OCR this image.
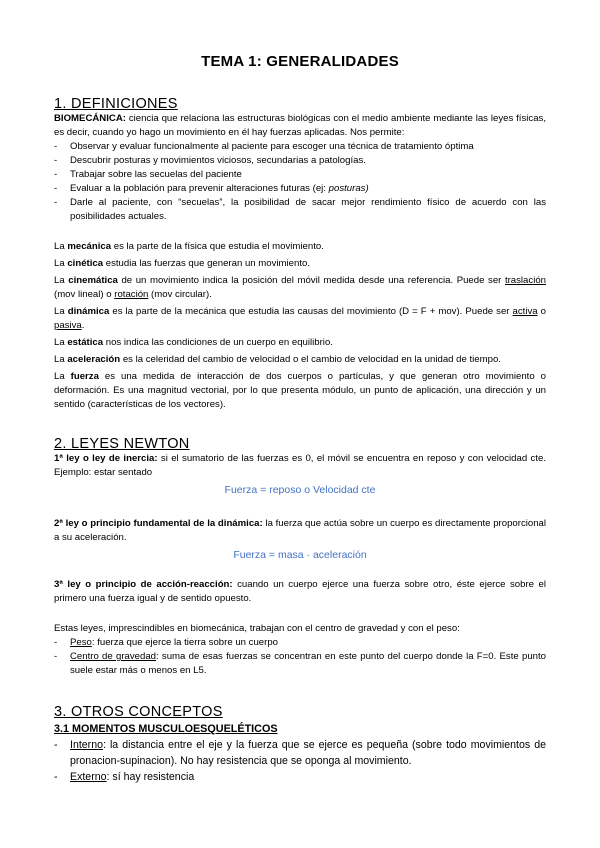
TEMA 1: GENERALIDADES
1. DEFINICIONES

BIOMECÁNICA: ciencia que relaciona las estructuras biológicas con el medio ambiente mediante las leyes físicas, es decir, cuando yo hago un movimiento en él hay fuerzas aplicadas. Nos permite:

- Observar y evaluar funcionalmente al paciente para escoger una técnica de tratamiento óptima
- Descubrir posturas y movimientos viciosos, secundarias a patologías.
- Trabajar sobre las secuelas del paciente
- Evaluar a la población para prevenir alteraciones futuras (ej: posturas)
- Darle al paciente, con “secuelas”, la posibilidad de sacar mejor rendimiento físico de acuerdo con las posibilidades actuales.

La mecánica es la parte de la física que estudia el movimiento.

La cinética estudia las fuerzas que generan un movimiento.

La cinemática de un movimiento indica la posición del móvil medida desde una referencia. Puede ser traslación (mov lineal) o rotación (mov circular).

La dinámica es la parte de la mecánica que estudia las causas del movimiento (D = F + mov). Puede ser activa o pasiva.

La estática nos indica las condiciones de un cuerpo en equilibrio.

La aceleración es la celeridad del cambio de velocidad o el cambio de velocidad en la unidad de tiempo.

La fuerza es una medida de interacción de dos cuerpos o partículas, y que generan otro movimiento o deformación. Es una magnitud vectorial, por lo que presenta módulo, un punto de aplicación, una dirección y un sentido (características de los vectores).

2. LEYES NEWTON

1ª ley o ley de inercia: si el sumatorio de las fuerzas es 0, el móvil se encuentra en reposo y con velocidad cte. Ejemplo: estar sentado

Fuerza = reposo o Velocidad cte

2ª ley o principio fundamental de la dinámica: la fuerza que actúa sobre un cuerpo es directamente proporcional a su aceleración.

Fuerza = masa · aceleración

3ª ley o principio de acción-reacción: cuando un cuerpo ejerce una fuerza sobre otro, éste ejerce sobre el primero una fuerza igual y de sentido opuesto.

Estas leyes, imprescindibles en biomecánica, trabajan con el centro de gravedad y con el peso:

- Peso: fuerza que ejerce la tierra sobre un cuerpo
- Centro de gravedad: suma de esas fuerzas se concentran en este punto del cuerpo donde la F=0. Este punto suele estar más o menos en L5.
3. OTROS CONCEPTOS
3.1 MOMENTOS MUSCULOESQUELÉTICOS
- Interno: la distancia entre el eje y la fuerza que se ejerce es pequeña (sobre todo movimientos de pronacion-supinacion). No hay resistencia que se oponga al movimiento.
- Externo: sí hay resistencia
